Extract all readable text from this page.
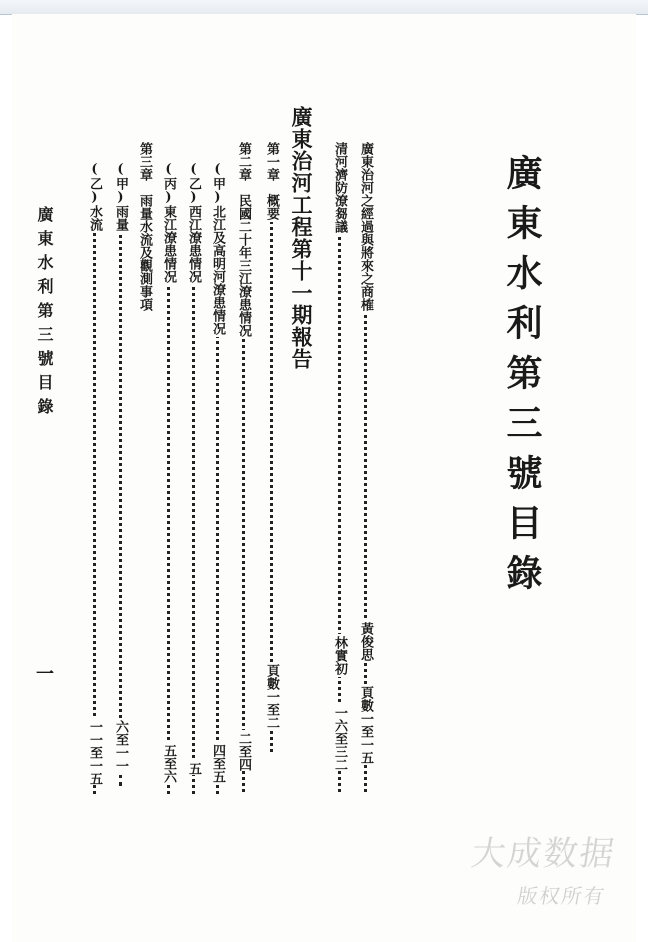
廣東水利第三號目錄
廣東治河之經過與將來之商榷
黃俊思
頁數一至一五
清河濟防潦芻議
林實初
一六至三二
廣東治河工程第十一期報告
第一章　概要
頁數一至二
第二章　民國二十年三江潦患情况
二至四
(甲)北江及高明河潦患情况
四至五
(乙)西江潦患情况
五
(丙)東江潦患情况
五至六
第三章　雨量水流及觀測事項
(甲)雨量
六至一一
(乙)水流
一一至一五
廣東水利第三號目錄
一
大成数据
版权所有
